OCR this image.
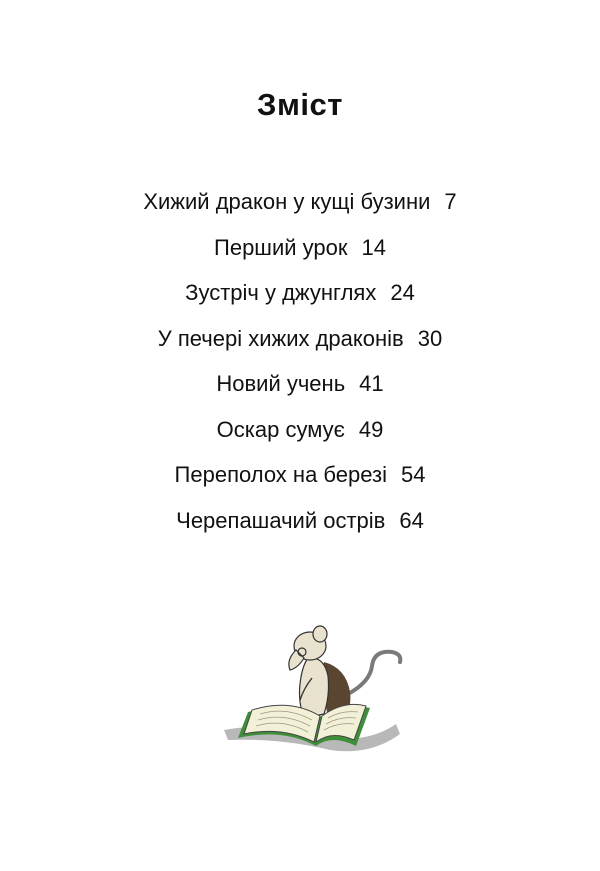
Зміст
Хижий дракон у кущі бузини 7
Перший урок 14
Зустріч у джунглях 24
У печері хижих драконів 30
Новий учень 41
Оскар сумує 49
Переполох на березі 54
Черепашачий острів 64
